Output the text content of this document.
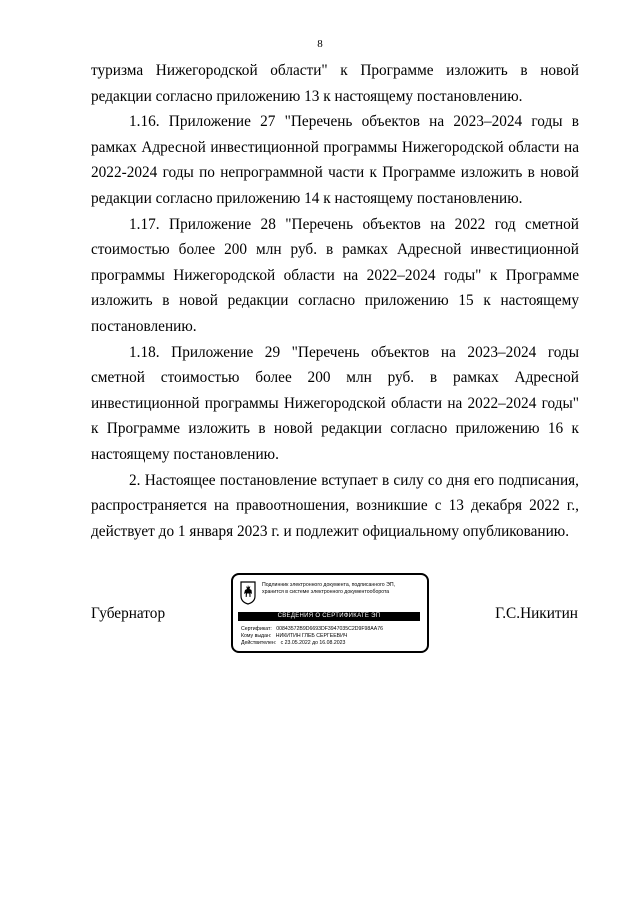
8

туризма Нижегородской области" к Программе изложить в новой редакции согласно приложению 13 к настоящему постановлению.

1.16. Приложение 27 "Перечень объектов на 2023–2024 годы в рамках Адресной инвестиционной программы Нижегородской области на 2022-2024 годы по непрограммной части к Программе изложить в новой редакции согласно приложению 14 к настоящему постановлению.

1.17. Приложение 28 "Перечень объектов на 2022 год сметной стоимостью более 200 млн руб. в рамках Адресной инвестиционной программы Нижегородской области на 2022–2024 годы" к Программе изложить в новой редакции согласно приложению 15 к настоящему постановлению.

1.18. Приложение 29 "Перечень объектов на 2023–2024 годы сметной стоимостью более 200 млн руб. в рамках Адресной инвестиционной программы Нижегородской области на 2022–2024 годы" к Программе изложить в новой редакции согласно приложению 16 к настоящему постановлению.

2. Настоящее постановление вступает в силу со дня его подписания, распространяется на правоотношения, возникшие с 13 декабря 2022 г., действует до 1 января 2023 г. и подлежит официальному опубликованию.

Губернатор	Г.С.Никитин
Подлинник электронного документа, подписанного ЭП,
хранится в системе электронного документооборота
СВЕДЕНИЯ О СЕРТИФИКАТЕ ЭП
Сертификат: 00843572B9D6693DF3947035C2D9F98AA76
Кому выдан: НИКИТИН ГЛЕБ СЕРГЕЕВИЧ
Действителен: с 23.05.2022 до 16.08.2023
